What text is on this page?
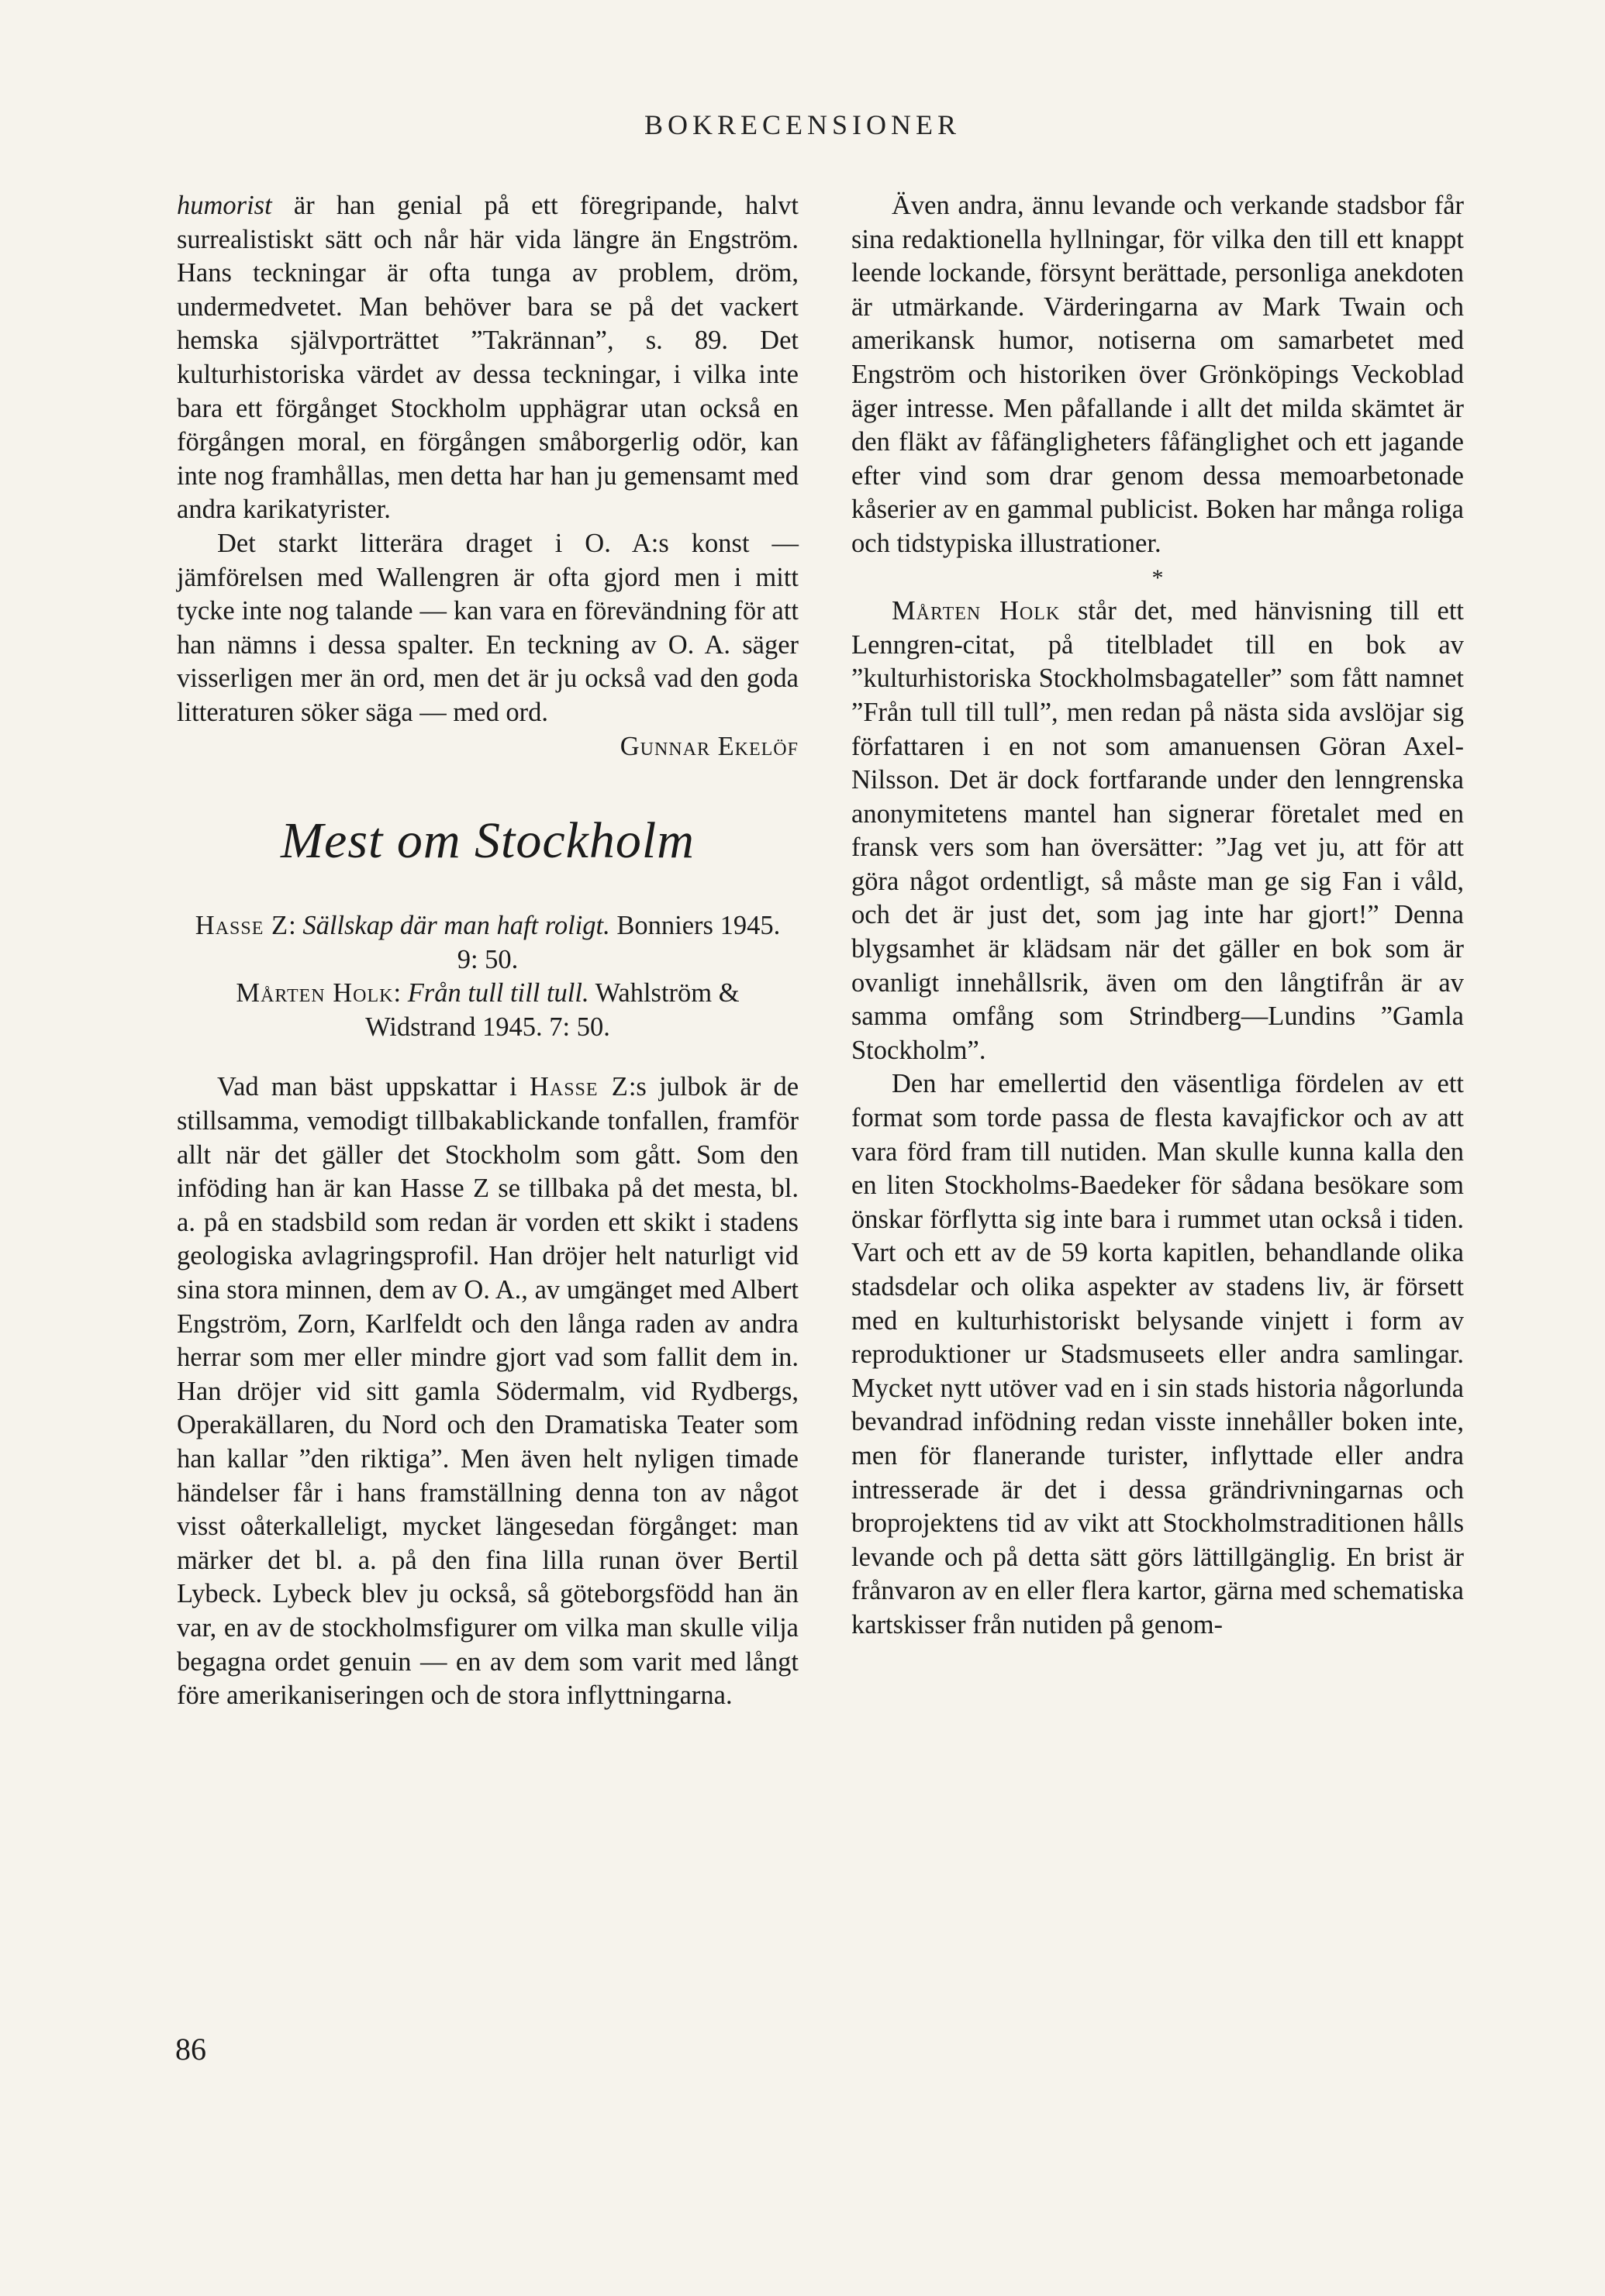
BOKRECENSIONER

humorist är han genial på ett föregripande, halvt surrealistiskt sätt och når här vida längre än Engström. Hans teckningar är ofta tunga av problem, dröm, undermedvetet. Man behöver bara se på det vackert hemska självporträttet ”Takrännan”, s. 89. Det kulturhistoriska värdet av dessa teckningar, i vilka inte bara ett förgånget Stockholm upphägrar utan också en förgången moral, en förgången småborgerlig odör, kan inte nog framhållas, men detta har han ju gemensamt med andra karikatyrister.

Det starkt litterära draget i O. A:s konst — jämförelsen med Wallengren är ofta gjord men i mitt tycke inte nog talande — kan vara en förevändning för att han nämns i dessa spalter. En teckning av O. A. säger visserligen mer än ord, men det är ju också vad den goda litteraturen söker säga — med ord.

Gunnar Ekelöf

Mest om Stockholm

Hasse Z: Sällskap där man haft roligt. Bonniers 1945. 9: 50.

Mårten Holk: Från tull till tull. Wahlström & Widstrand 1945. 7: 50.

Vad man bäst uppskattar i Hasse Z:s julbok är de stillsamma, vemodigt tillbakablickande tonfallen, framför allt när det gäller det Stockholm som gått. Som den inföding han är kan Hasse Z se tillbaka på det mesta, bl. a. på en stadsbild som redan är vorden ett skikt i stadens geologiska avlagringsprofil. Han dröjer helt naturligt vid sina stora minnen, dem av O. A., av umgänget med Albert Engström, Zorn, Karlfeldt och den långa raden av andra herrar som mer eller mindre gjort vad som fallit dem in. Han dröjer vid sitt gamla Södermalm, vid Rydbergs, Operakällaren, du Nord och den Dramatiska Teater som han kallar ”den riktiga”. Men även helt nyligen timade händelser får i hans framställning denna ton av något visst oåterkalleligt, mycket längesedan förgånget: man märker det bl. a. på den fina lilla runan över Bertil Lybeck. Lybeck blev ju också, så göteborgsfödd han än var, en av de stockholmsfigurer om vilka man skulle vilja begagna ordet genuin — en av dem som varit med långt före amerikaniseringen och de stora inflyttningarna.

Även andra, ännu levande och verkande stadsbor får sina redaktionella hyllningar, för vilka den till ett knappt leende lockande, försynt berättade, personliga anekdoten är utmärkande. Värderingarna av Mark Twain och amerikansk humor, notiserna om samarbetet med Engström och historiken över Grönköpings Veckoblad äger intresse. Men påfallande i allt det milda skämtet är den fläkt av fåfängligheters fåfänglighet och ett jagande efter vind som drar genom dessa memoarbetonade kåserier av en gammal publicist. Boken har många roliga och tidstypiska illustrationer.

*

Mårten Holk står det, med hänvisning till ett Lenngren-citat, på titelbladet till en bok av ”kulturhistoriska Stockholmsbagateller” som fått namnet ”Från tull till tull”, men redan på nästa sida avslöjar sig författaren i en not som amanuensen Göran Axel-Nilsson. Det är dock fortfarande under den lenngrenska anonymitetens mantel han signerar företalet med en fransk vers som han översätter: ”Jag vet ju, att för att göra något ordentligt, så måste man ge sig Fan i våld, och det är just det, som jag inte har gjort!” Denna blygsamhet är klädsam när det gäller en bok som är ovanligt innehållsrik, även om den långtifrån är av samma omfång som Strindberg—Lundins ”Gamla Stockholm”.

Den har emellertid den väsentliga fördelen av ett format som torde passa de flesta kavajfickor och av att vara förd fram till nutiden. Man skulle kunna kalla den en liten Stockholms-Baedeker för sådana besökare som önskar förflytta sig inte bara i rummet utan också i tiden. Vart och ett av de 59 korta kapitlen, behandlande olika stadsdelar och olika aspekter av stadens liv, är försett med en kulturhistoriskt belysande vinjett i form av reproduktioner ur Stadsmuseets eller andra samlingar. Mycket nytt utöver vad en i sin stads historia någorlunda bevandrad infödning redan visste innehåller boken inte, men för flanerande turister, inflyttade eller andra intresserade är det i dessa grändrivningarnas och broprojektens tid av vikt att Stockholmstraditionen hålls levande och på detta sätt görs lättillgänglig. En brist är frånvaron av en eller flera kartor, gärna med schematiska kartskisser från nutiden på genom-

86
